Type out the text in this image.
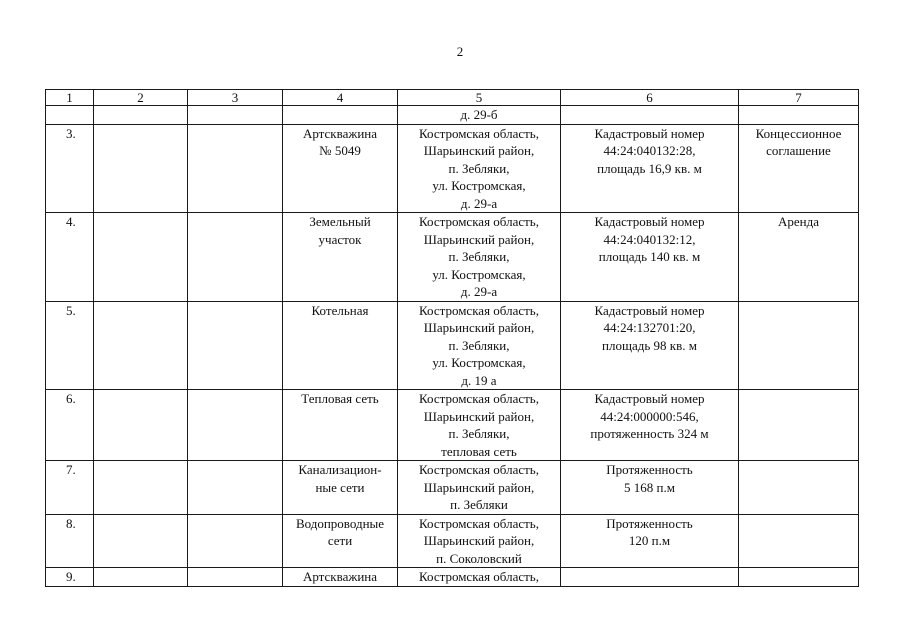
2
1	2	3	4	5	6	7
				д. 29-б		
3.			Артскважина
№ 5049	Костромская область,
Шарьинский район,
п. Зебляки,
ул. Костромская,
д. 29-а	Кадастровый номер
44:24:040132:28,
площадь 16,9 кв. м	Концессионное
соглашение
4.			Земельный
участок	Костромская область,
Шарьинский район,
п. Зебляки,
ул. Костромская,
д. 29-а	Кадастровый номер
44:24:040132:12,
площадь 140 кв. м	Аренда
5.			Котельная	Костромская область,
Шарьинский район,
п. Зебляки,
ул. Костромская,
д. 19 а	Кадастровый номер
44:24:132701:20,
площадь 98 кв. м	
6.			Тепловая сеть	Костромская область,
Шарьинский район,
п. Зебляки,
тепловая сеть	Кадастровый номер
44:24:000000:546,
протяженность 324 м	
7.			Канализацион-
ные сети	Костромская область,
Шарьинский район,
п. Зебляки	Протяженность
5 168 п.м	
8.			Водопроводные
сети	Костромская область,
Шарьинский район,
п. Соколовский	Протяженность
120 п.м	
9.			Артскважина	Костромская область,		
